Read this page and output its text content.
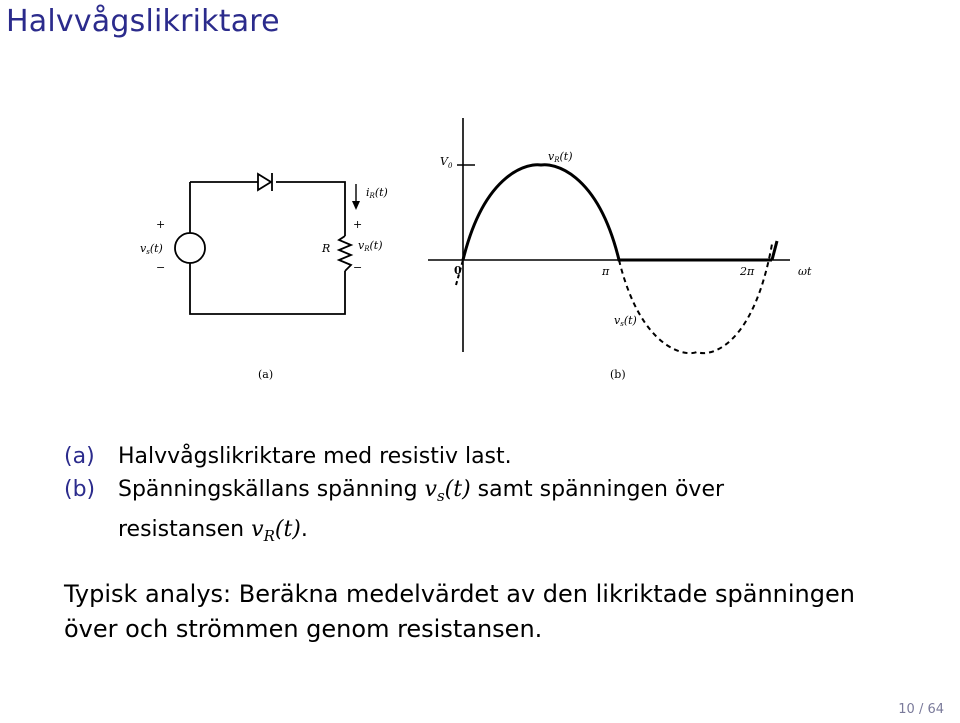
Halvvågslikriktare
+
−
vs(t)
iR(t)
+
−
R	vR(t)
(a)
$V_0$
vR(t)
0	π	2π	ωt
vs(t)
(b)
(a)	Halvvågslikriktare med resistiv last.
(b)	Spänningskällans spänning $v_s(t)$ samt spänningen över resistansen $v_R(t)$.
Typisk analys: Beräkna medelvärdet av den likriktade spänningen över och strömmen genom resistansen.
10 / 64
